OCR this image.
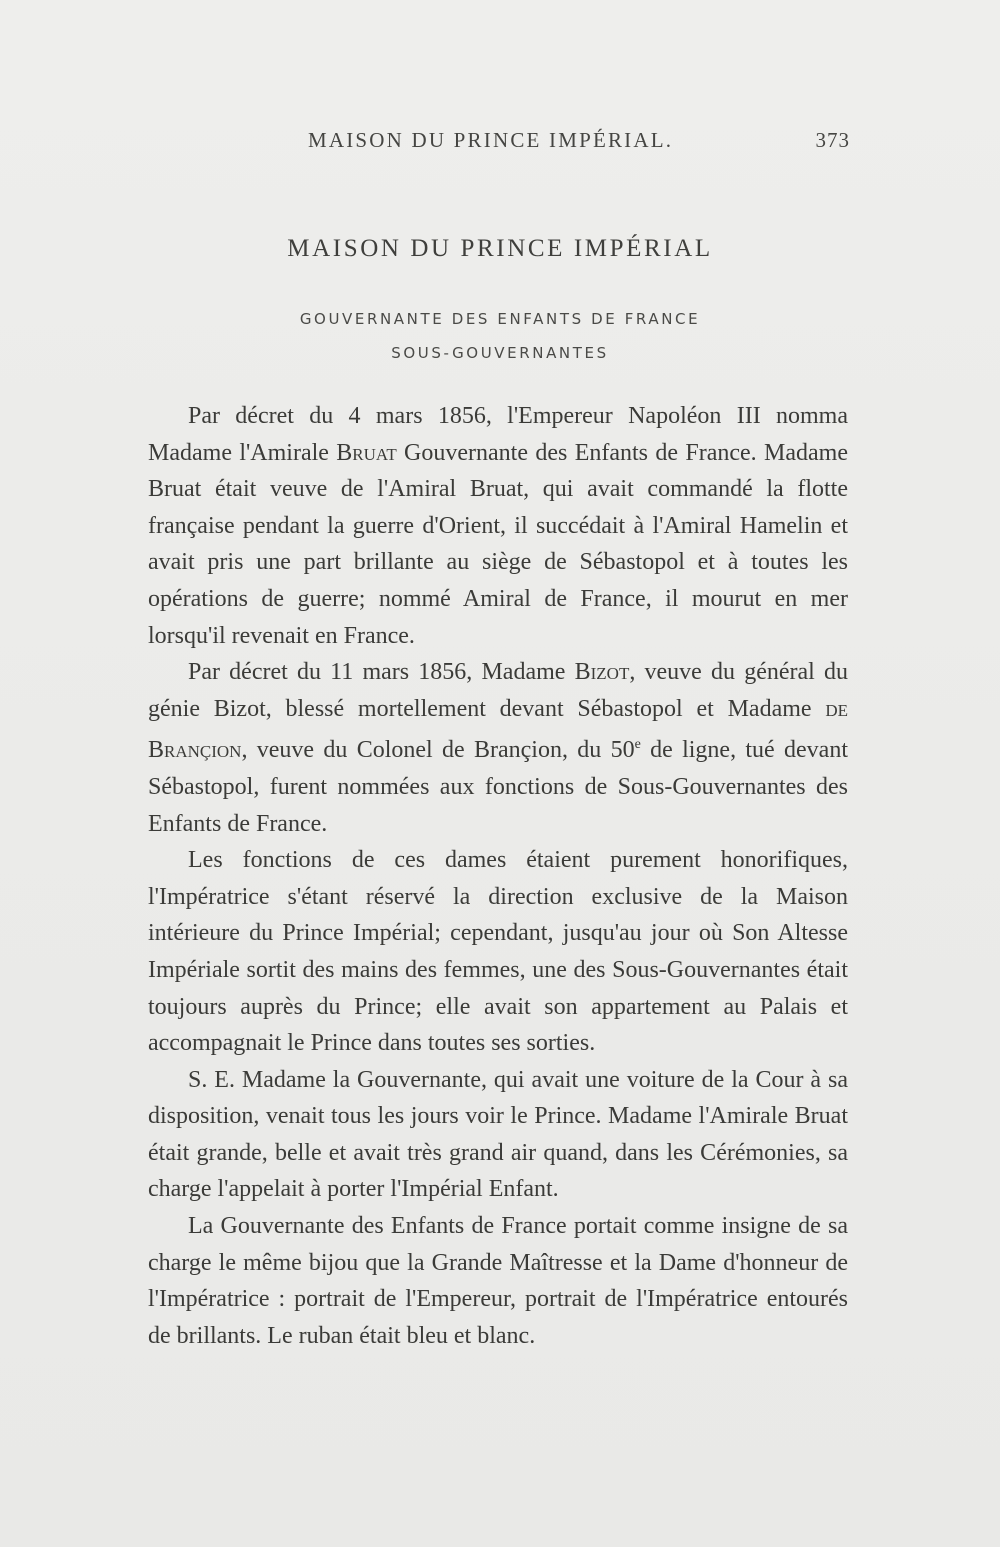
MAISON DU PRINCE IMPÉRIAL.	373
MAISON DU PRINCE IMPÉRIAL
GOUVERNANTE DES ENFANTS DE FRANCE
SOUS-GOUVERNANTES

Par décret du 4 mars 1856, l'Empereur Napoléon III nomma Madame l'Amirale Bruat Gouvernante des Enfants de France. Madame Bruat était veuve de l'Amiral Bruat, qui avait commandé la flotte française pendant la guerre d'Orient, il succédait à l'Amiral Hamelin et avait pris une part brillante au siège de Sébastopol et à toutes les opérations de guerre; nommé Amiral de France, il mourut en mer lorsqu'il revenait en France.

Par décret du 11 mars 1856, Madame Bizot, veuve du général du génie Bizot, blessé mortellement devant Sébastopol et Madame de Brançion, veuve du Colonel de Brançion, du 50e de ligne, tué devant Sébastopol, furent nommées aux fonctions de Sous-Gouvernantes des Enfants de France.

Les fonctions de ces dames étaient purement honorifiques, l'Impératrice s'étant réservé la direction exclusive de la Maison intérieure du Prince Impérial; cependant, jusqu'au jour où Son Altesse Impériale sortit des mains des femmes, une des Sous-Gouvernantes était toujours auprès du Prince; elle avait son appartement au Palais et accompagnait le Prince dans toutes ses sorties.

S. E. Madame la Gouvernante, qui avait une voiture de la Cour à sa disposition, venait tous les jours voir le Prince. Madame l'Amirale Bruat était grande, belle et avait très grand air quand, dans les Cérémonies, sa charge l'appelait à porter l'Impérial Enfant.

La Gouvernante des Enfants de France portait comme insigne de sa charge le même bijou que la Grande Maîtresse et la Dame d'honneur de l'Impératrice : portrait de l'Empereur, portrait de l'Impératrice entourés de brillants. Le ruban était bleu et blanc.
